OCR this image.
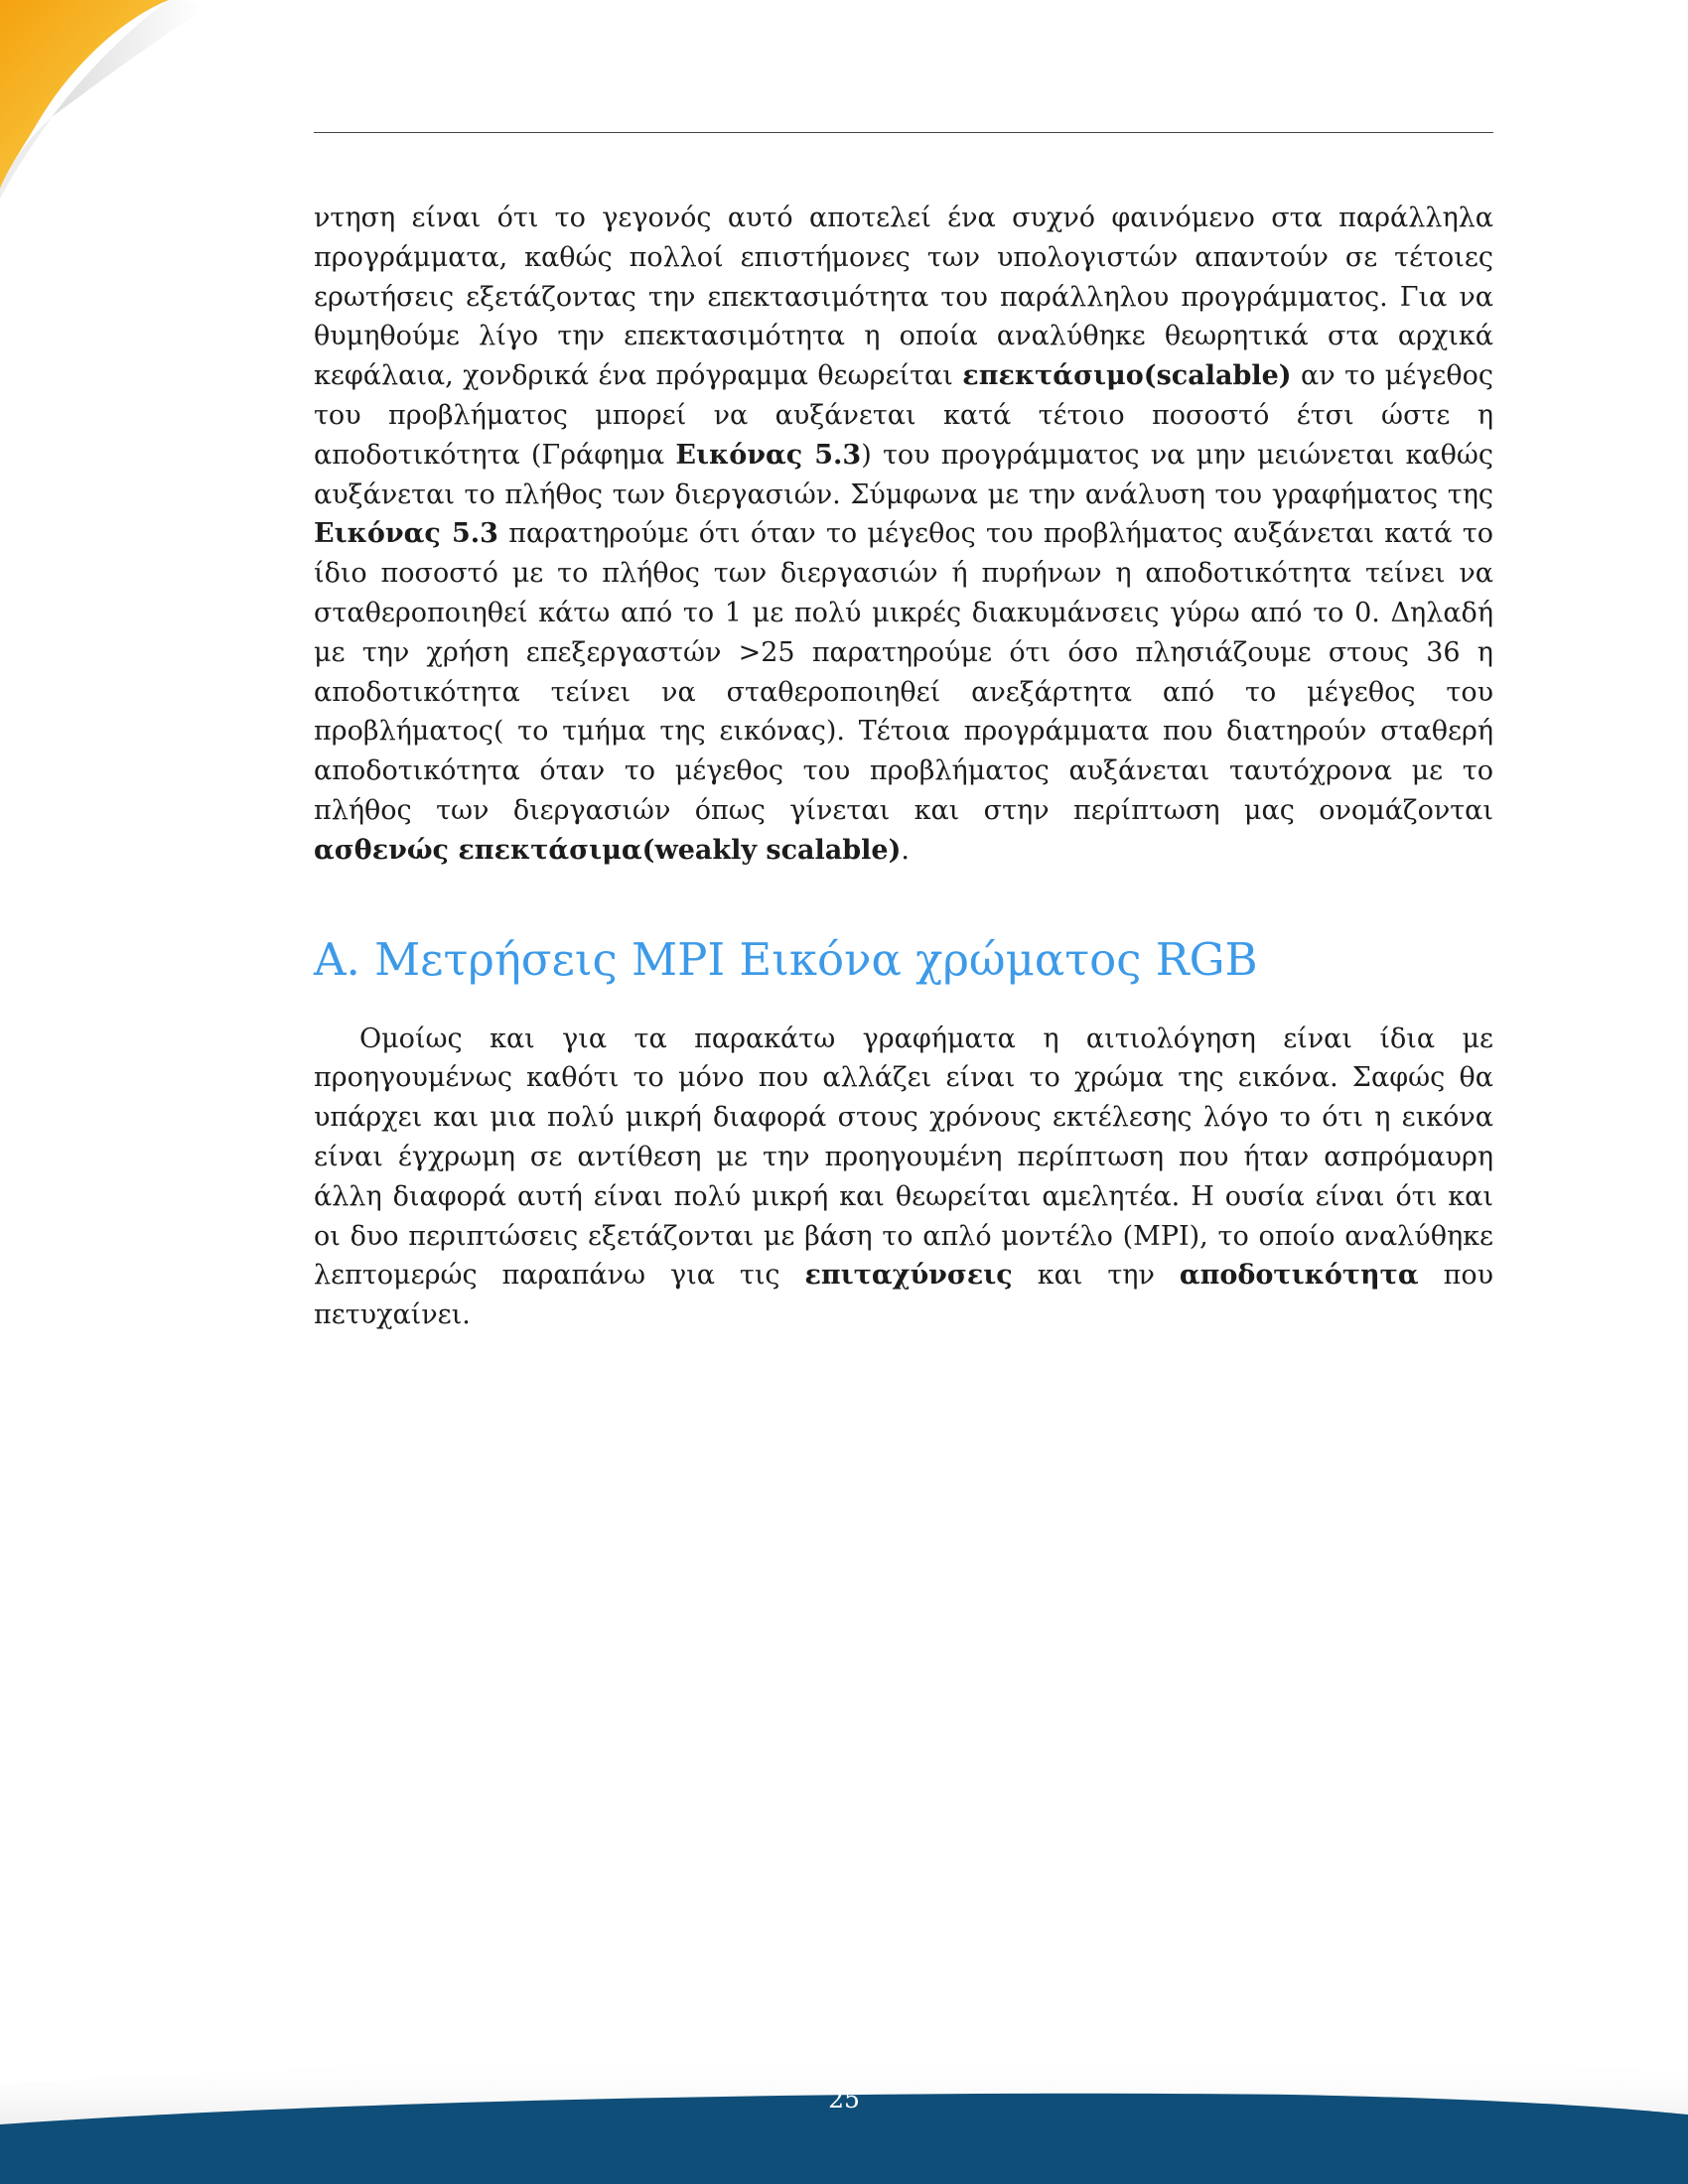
ντηση είναι ότι το γεγονός αυτό αποτελεί ένα συχνό φαινόμενο στα παράλληλα προγράμματα, καθώς πολλοί επιστήμονες των υπολογιστών απαντούν σε τέτοιες ερωτήσεις εξετάζοντας την επεκτασιμότητα του παράλληλου προγράμματος. Για να θυμηθούμε λίγο την επεκτασιμότητα η οποία αναλύθηκε θεωρητικά στα αρχικά κεφάλαια, χονδρικά ένα πρόγραμμα θεωρείται επεκτάσιμο(scalable) αν το μέγεθος του προβλήματος μπορεί να αυξάνεται κατά τέτοιο ποσοστό έτσι ώστε η αποδοτικότητα (Γράφημα Εικόνας 5.3) του προγράμματος να μην μειώνεται καθώς αυξάνεται το πλήθος των διεργασιών. Σύμφωνα με την ανάλυση του γραφήματος της Εικόνας 5.3 παρατηρούμε ότι όταν το μέγεθος του προβλήματος αυξάνεται κατά το ίδιο ποσοστό με το πλήθος των διεργασιών ή πυρήνων η αποδοτικότητα τείνει να σταθεροποιηθεί κάτω από το 1 με πολύ μικρές διακυμάνσεις γύρω από το 0. Δηλαδή με την χρήση επεξεργαστών >25 παρατηρούμε ότι όσο πλησιάζουμε στους 36 η αποδοτικότητα τείνει να σταθεροποιηθεί ανεξάρτητα από το μέγεθος του προβλήματος( το τμήμα της εικόνας). Τέτοια προγράμματα που διατηρούν σταθερή αποδοτικότητα όταν το μέγεθος του προβλήματος αυξάνεται ταυτόχρονα με το πλήθος των διεργασιών όπως γίνεται και στην περίπτωση μας ονομάζονται ασθενώς επεκτάσιμα(weakly scalable).

A. Μετρήσεις MPI Εικόνα χρώματος RGB

Ομοίως και για τα παρακάτω γραφήματα η αιτιολόγηση είναι ίδια με προηγουμένως καθότι το μόνο που αλλάζει είναι το χρώμα της εικόνα. Σαφώς θα υπάρχει και μια πολύ μικρή διαφορά στους χρόνους εκτέλεσης λόγο το ότι η εικόνα είναι έγχρωμη σε αντίθεση με την προηγουμένη περίπτωση που ήταν ασπρόμαυρη άλλη διαφορά αυτή είναι πολύ μικρή και θεωρείται αμελητέα. Η ουσία είναι ότι και οι δυο περιπτώσεις εξετάζονται με βάση το απλό μοντέλο (MPI), το οποίο αναλύθηκε λεπτομερώς παραπάνω για τις επιταχύνσεις και την αποδοτικότητα που πετυχαίνει.

25
